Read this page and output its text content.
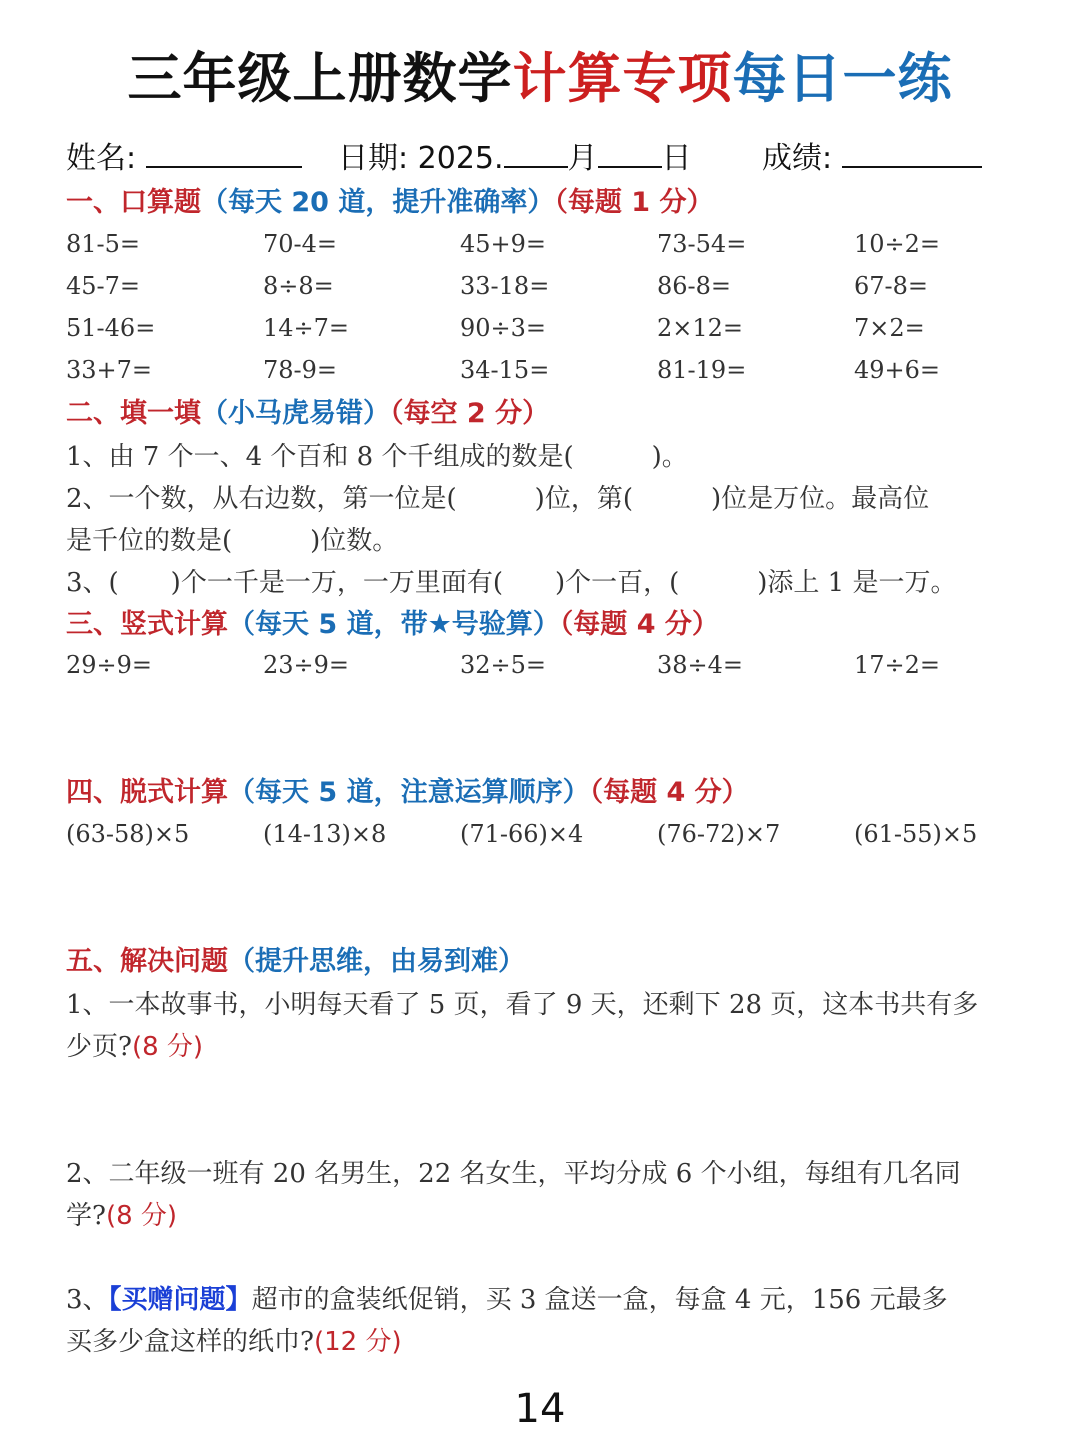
三年级上册数学计算专项每日一练
姓名:	日期: 2025. 月 日 成绩:
一、口算题（每天 20 道，提升准确率）（每题 1 分）
81-5=	70-4=	45+9=	73-54=	10÷2=
45-7=	8÷8=	33-18=	86-8=	67-8=
51-46=	14÷7=	90÷3=	2×12=	7×2=
33+7=	78-9=	34-15=	81-19=	49+6=
二、填一填（小马虎易错）（每空 2 分）
1、由 7 个一、4 个百和 8 个千组成的数是(　　　)。
2、一个数，从右边数，第一位是(　　　)位，第(　　　)位是万位。最高位
是千位的数是(　　　)位数。
3、(　　)个一千是一万，一万里面有(　　)个一百，(　　　)添上 1 是一万。
三、竖式计算（每天 5 道，带★号验算）（每题 4 分）
29÷9=	23÷9=	32÷5=	38÷4=	17÷2=
四、脱式计算（每天 5 道，注意运算顺序）（每题 4 分）
(63-58)×5	(14-13)×8	(71-66)×4	(76-72)×7	(61-55)×5
五、解决问题（提升思维，由易到难）
1、一本故事书，小明每天看了 5 页，看了 9 天，还剩下 28 页，这本书共有多
少页?(8 分)
2、二年级一班有 20 名男生，22 名女生，平均分成 6 个小组，每组有几名同
学?(8 分)
3、【买赠问题】超市的盒装纸促销，买 3 盒送一盒，每盒 4 元，156 元最多
买多少盒这样的纸巾?(12 分)
14
